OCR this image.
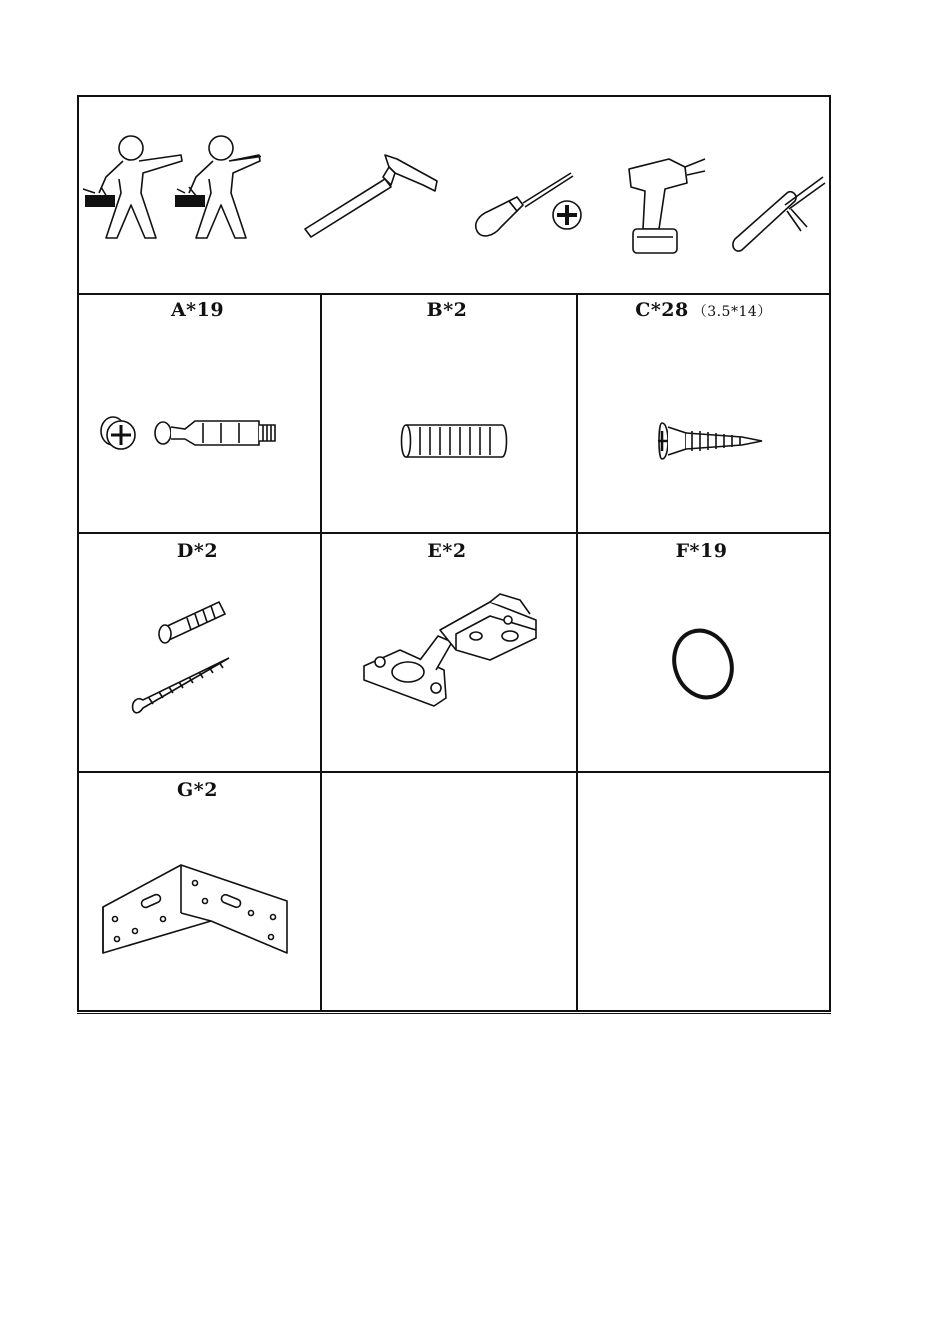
A*19	B*2	C*28 （3.5*14）
D*2	E*2	F*19
G*2
